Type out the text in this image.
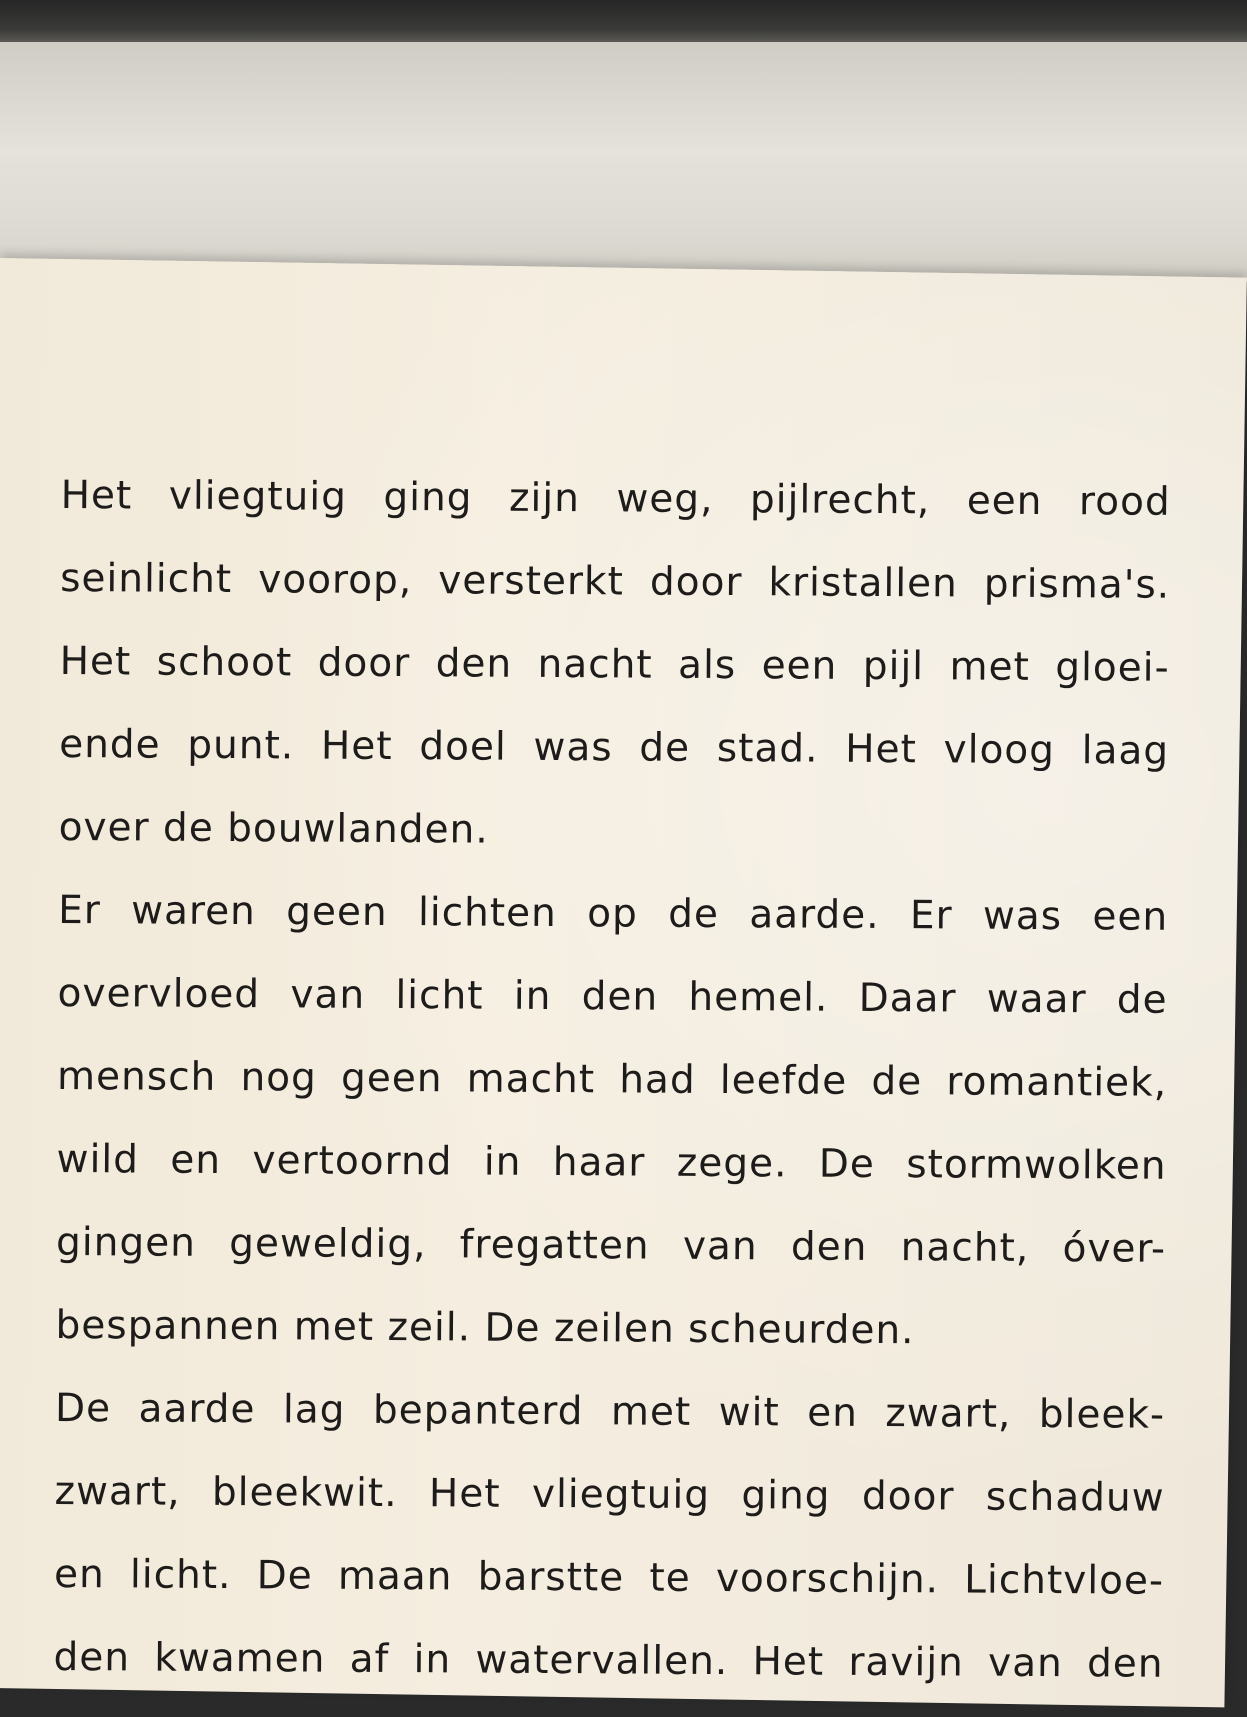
Het vliegtuig ging zijn weg, pijlrecht, een rood
seinlicht voorop, versterkt door kristallen prisma's.
Het schoot door den nacht als een pijl met gloei-
ende punt. Het doel was de stad. Het vloog laag
over de bouwlanden.
Er waren geen lichten op de aarde. Er was een
overvloed van licht in den hemel. Daar waar de
mensch nog geen macht had leefde de romantiek,
wild en vertoornd in haar zege. De stormwolken
gingen geweldig, fregatten van den nacht, óver-
bespannen met zeil. De zeilen scheurden.
De aarde lag bepanterd met wit en zwart, bleek-
zwart, bleekwit. Het vliegtuig ging door schaduw
en licht. De maan barstte te voorschijn. Lichtvloe-
den kwamen af in watervallen. Het ravijn van den
